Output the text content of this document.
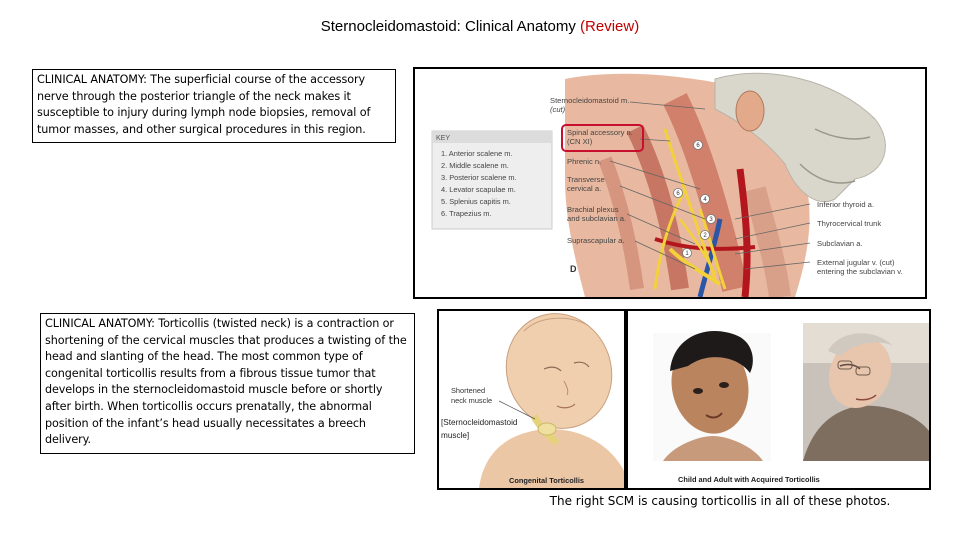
Sternocleidomastoid: Clinical Anatomy (Review)
CLINICAL ANATOMY: The superficial course of the accessory nerve through the posterior triangle of the neck makes it susceptible to injury during lymph node biopsies, removal of tumor masses, and other surgical procedures in this region.
6
6
4
3
2
1
KEY
1. Anterior scalene m.
2. Middle scalene m.
3. Posterior scalene m.
4. Levator scapulae m.
5. Splenius capitis m.
6. Trapezius m.
Sternocleidomastoid m.
(cut)
Spinal accessory n.
(CN XI)
Phrenic n.
Transverse
cervical a.
Brachial plexus
and subclavian a.
Suprascapular a.
D
Inferior thyroid a.
Thyrocervical trunk
Subclavian a.
External jugular v. (cut)
entering the subclavian v.
CLINICAL ANATOMY: Torticollis (twisted neck) is a contraction or shortening of the cervical muscles that produces a twisting of the head and slanting of the head. The most common type of congenital torticollis results from a fibrous tissue tumor that develops in the sternocleidomastoid muscle before or shortly after birth. When torticollis occurs prenatally, the abnormal position of the infant’s head usually necessitates a breech delivery.
Shortened
neck muscle
[Sternocleidomastoid
muscle]
Congenital Torticollis	Child and Adult with Acquired Torticollis
The right SCM is causing torticollis in all of these photos.
